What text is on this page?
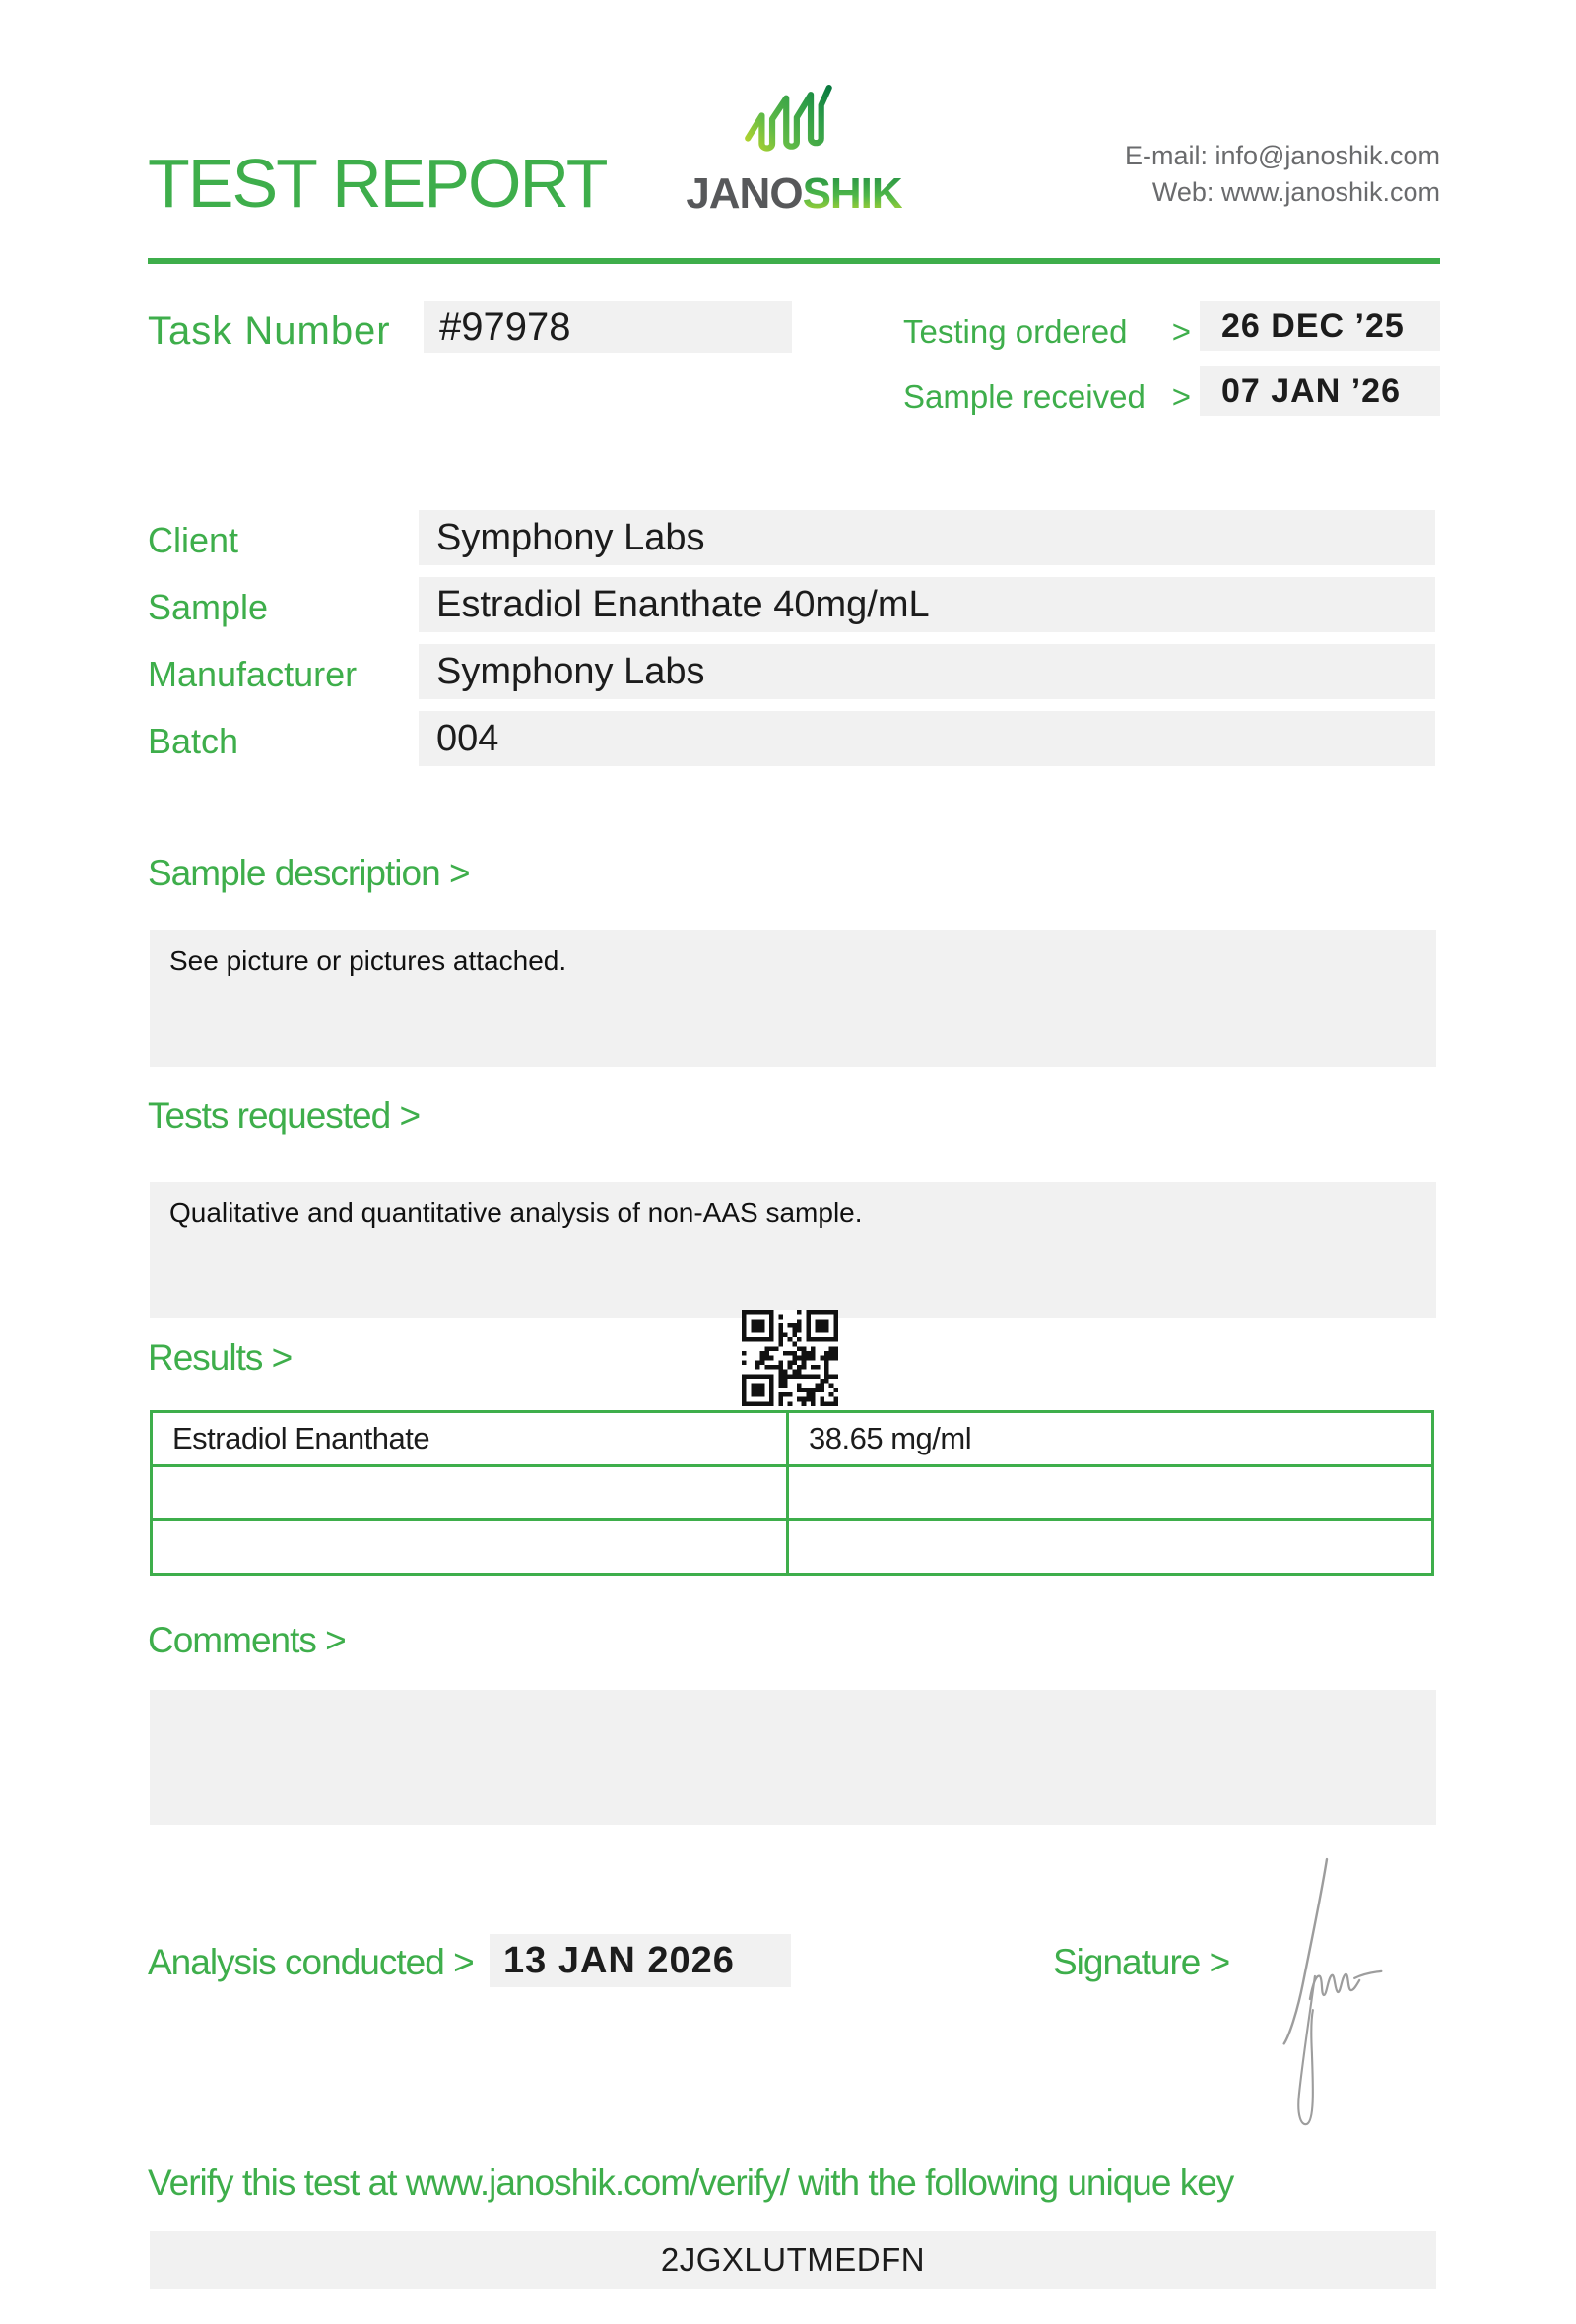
TEST REPORT JANOSHIK
E-mail: info@janoshik.com
Web: www.janoshik.com
Task Number	#97978	Testing ordered > 26 DEC ’25
Sample received > 07 JAN ’26
Client	Symphony Labs
Sample	Estradiol Enanthate 40mg/mL
Manufacturer	Symphony Labs
Batch	004
Sample description >
See picture or pictures attached.
Tests requested >
Qualitative and quantitative analysis of non-AAS sample.
Results >
Estradiol Enanthate	38.65 mg/ml
Comments >
Analysis conducted > 13 JAN 2026	Signature >
Verify this test at www.janoshik.com/verify/ with the following unique key
2JGXLUTMEDFN
